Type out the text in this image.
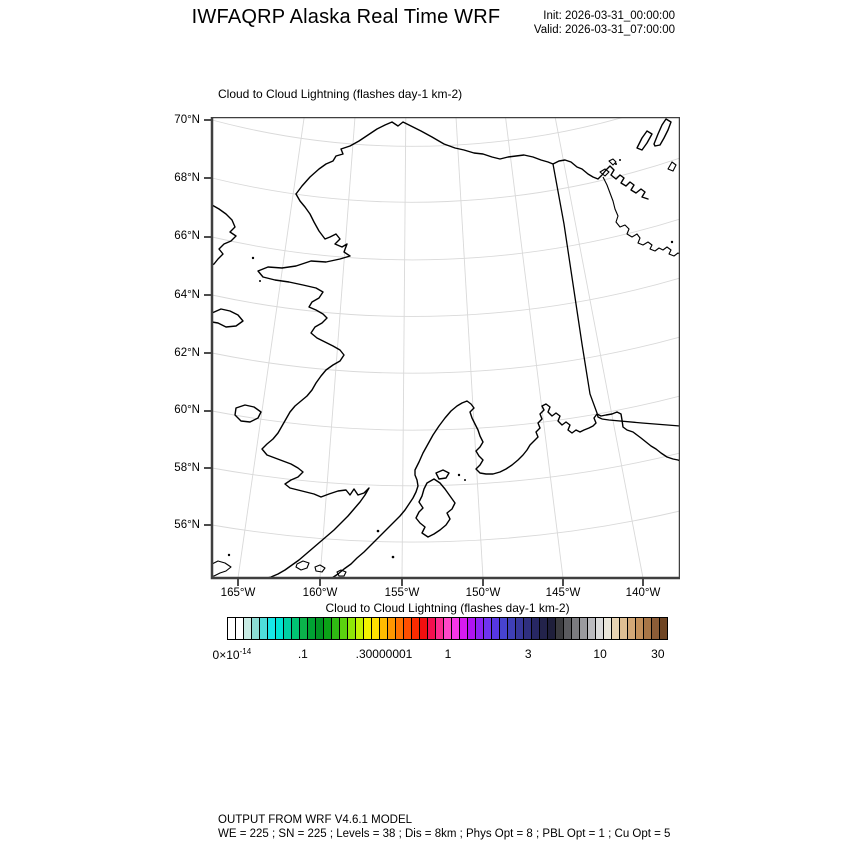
IWFAQRP Alaska Real Time WRF	Init: 2026-03-31_00:00:00
Valid: 2026-03-31_07:00:00
Cloud to Cloud Lightning (flashes day-1 km-2)
70°N
68°N
66°N
64°N
62°N
60°N
58°N
56°N
165°W	160°W	155°W	150°W	145°W	140°W
Cloud to Cloud Lightning (flashes day-1 km-2)
$0\times 10^{-14}$	.1	.30000001	1	3	10	30
OUTPUT FROM WRF V4.6.1 MODEL
WE = 225 ; SN = 225 ; Levels = 38 ; Dis = 8km ; Phys Opt = 8 ; PBL Opt = 1 ; Cu Opt = 5
